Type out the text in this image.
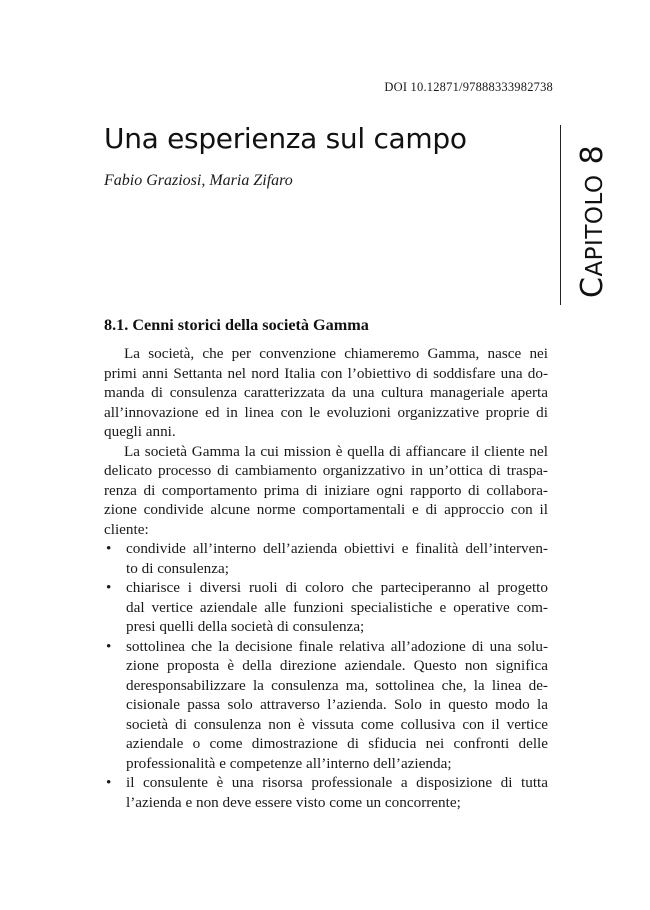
DOI 10.12871/97888333982738
Una esperienza sul campo
Fabio Graziosi, Maria Zifaro
CAPITOLO 8
8.1. Cenni storici della società Gamma

La società, che per convenzione chiameremo Gamma, nasce nei
primi anni Settanta nel nord Italia con l’obiettivo di soddisfare una do-
manda di consulenza caratterizzata da una cultura manageriale aperta
all’innovazione ed in linea con le evoluzioni organizzative proprie di
quegli anni.

La società Gamma la cui mission è quella di affiancare il cliente nel
delicato processo di cambiamento organizzativo in un’ottica di traspa-
renza di comportamento prima di iniziare ogni rapporto di collabora-
zione condivide alcune norme comportamentali e di approccio con il
cliente:

• condivide all’interno dell’azienda obiettivi e finalità dell’interven-
to di consulenza;
• chiarisce i diversi ruoli di coloro che parteciperanno al progetto
dal vertice aziendale alle funzioni specialistiche e operative com-
presi quelli della società di consulenza;
• sottolinea che la decisione finale relativa all’adozione di una solu-
zione proposta è della direzione aziendale. Questo non significa
deresponsabilizzare la consulenza ma, sottolinea che, la linea de-
cisionale passa solo attraverso l’azienda. Solo in questo modo la
società di consulenza non è vissuta come collusiva con il vertice
aziendale o come dimostrazione di sfiducia nei confronti delle
professionalità e competenze all’interno dell’azienda;
• il consulente è una risorsa professionale a disposizione di tutta
l’azienda e non deve essere visto come un concorrente;
